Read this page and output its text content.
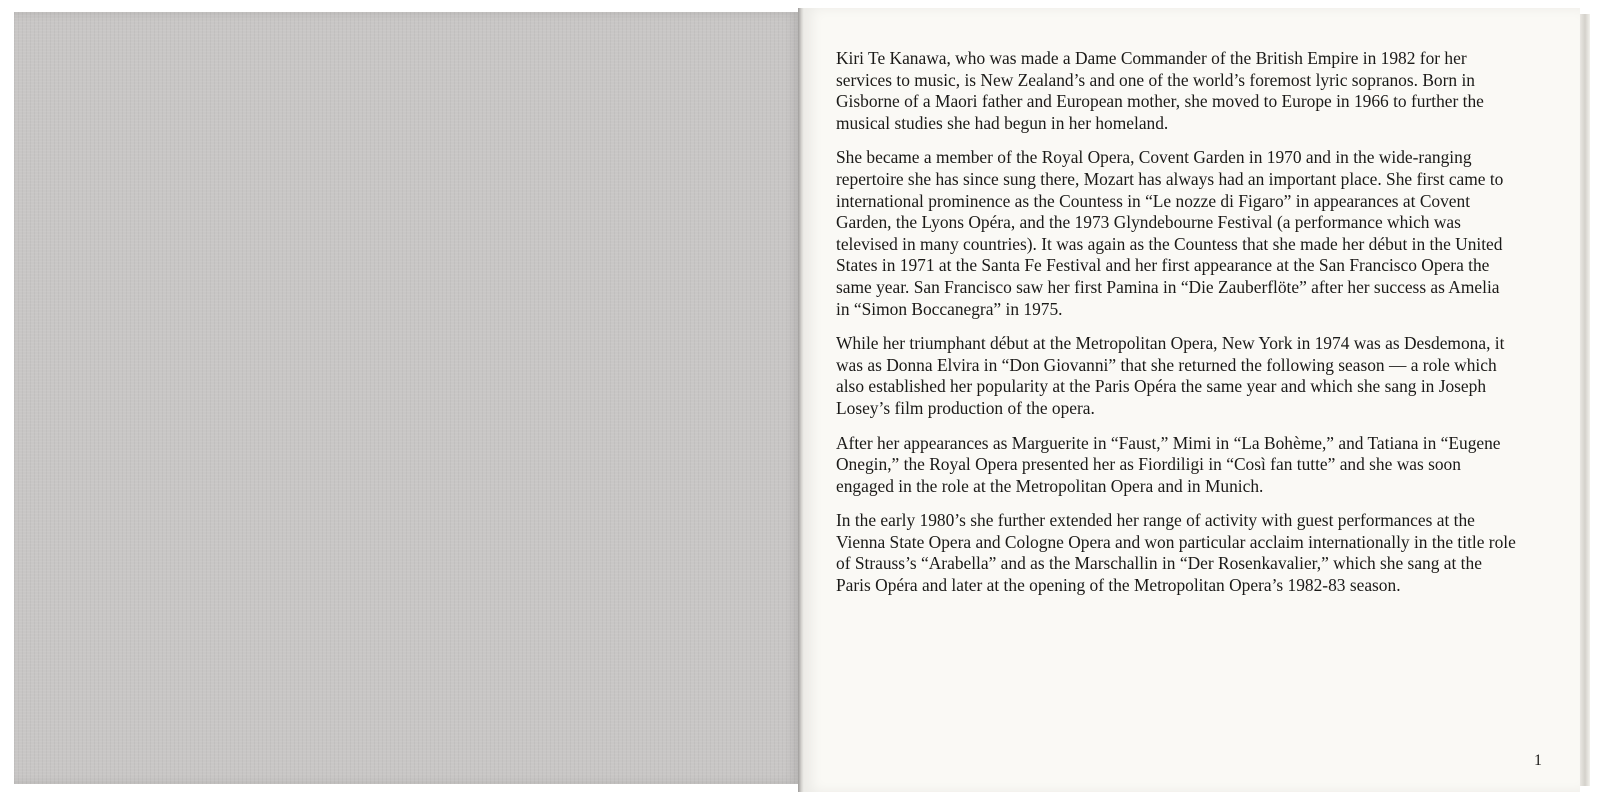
Kiri Te Kanawa, who was made a Dame Commander of the British Empire in 1982 for her services to music, is New Zealand’s and one of the world’s foremost lyric sopranos. Born in Gisborne of a Maori father and European mother, she moved to Europe in 1966 to further the musical studies she had begun in her homeland.

She became a member of the Royal Opera, Covent Garden in 1970 and in the wide-ranging repertoire she has since sung there, Mozart has always had an important place. She first came to international prominence as the Countess in “Le nozze di Figaro” in appearances at Covent Garden, the Lyons Opéra, and the 1973 Glyndebourne Festival (a performance which was televised in many countries). It was again as the Countess that she made her début in the United States in 1971 at the Santa Fe Festival and her first appearance at the San Francisco Opera the same year. San Francisco saw her first Pamina in “Die Zauberflöte” after her success as Amelia in “Simon Boccanegra” in 1975.

While her triumphant début at the Metropolitan Opera, New York in 1974 was as Desdemona, it was as Donna Elvira in “Don Giovanni” that she returned the following season — a role which also established her popularity at the Paris Opéra the same year and which she sang in Joseph Losey’s film production of the opera.

After her appearances as Marguerite in “Faust,” Mimi in “La Bohème,” and Tatiana in “Eugene Onegin,” the Royal Opera presented her as Fiordiligi in “Così fan tutte” and she was soon engaged in the role at the Metropolitan Opera and in Munich.

In the early 1980’s she further extended her range of activity with guest performances at the Vienna State Opera and Cologne Opera and won particular acclaim internationally in the title role of Strauss’s “Arabella” and as the Marschallin in “Der Rosenkavalier,” which she sang at the Paris Opéra and later at the opening of the Metropolitan Opera’s 1982-83 season.

1
